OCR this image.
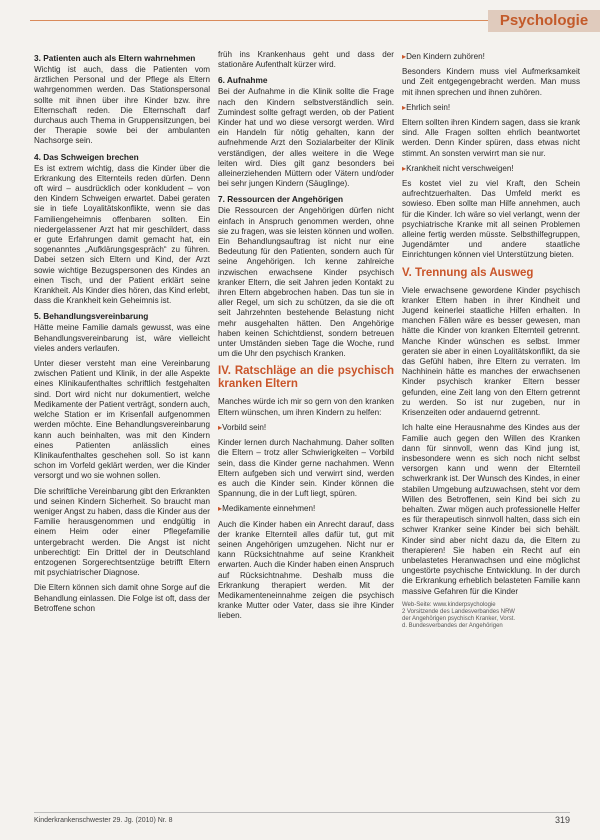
Psychologie
3. Patienten auch als Eltern wahrnehmen

Wichtig ist auch, dass die Patienten vom ärztlichen Personal und der Pflege als Eltern wahrgenommen werden. Das Stationspersonal sollte mit ihnen über ihre Kinder bzw. ihre Elternschaft reden. Die Elternschaft darf durchaus auch Thema in Gruppensitzungen, bei der Therapie sowie bei der ambulanten Nachsorge sein.

4. Das Schweigen brechen

Es ist extrem wichtig, dass die Kinder über die Erkrankung des Elternteils reden dürfen. Denn oft wird – ausdrücklich oder konkludent – von den Kindern Schweigen erwartet. Dabei geraten sie in tiefe Loyalitätskonflikte, wenn sie das Familiengeheimnis offenbaren sollten. Ein niedergelassener Arzt hat mir geschildert, dass er gute Erfahrungen damit gemacht hat, ein sogenanntes „Aufklärungsgespräch“ zu führen. Dabei setzen sich Eltern und Kind, der Arzt sowie wichtige Bezugspersonen des Kindes an einen Tisch, und der Patient erklärt seine Krankheit. Als Kinder dies hören, das Kind erlebt, dass die Krankheit kein Geheimnis ist.

5. Behandlungsvereinbarung

Hätte meine Familie damals gewusst, was eine Behandlungsvereinbarung ist, wäre vielleicht vieles anders verlaufen.

Unter dieser versteht man eine Vereinbarung zwischen Patient und Klinik, in der alle Aspekte eines Klinikaufenthaltes schriftlich festgehalten sind. Dort wird nicht nur dokumentiert, welche Medikamente der Patient verträgt, sondern auch, welche Station er im Krisenfall aufgenommen werden möchte. Eine Behandlungsvereinbarung kann auch beinhalten, was mit den Kindern eines Patienten anlässlich eines Klinikaufenthaltes geschehen soll. So ist kann schon im Vorfeld geklärt werden, wer die Kinder versorgt und wo sie wohnen sollen.

Die schriftliche Vereinbarung gibt den Erkrankten und seinen Kindern Sicherheit. So braucht man weniger Angst zu haben, dass die Kinder aus der Familie herausgenommen und endgültig in einem Heim oder einer Pflegefamilie untergebracht werden. Die Angst ist nicht unberechtigt: Ein Drittel der in Deutschland entzogenen Sorgerechtsentzüge betrifft Eltern mit psychiatrischer Diagnose.

Die Eltern können sich damit ohne Sorge auf die Behandlung einlassen. Die Folge ist oft, dass der Betroffene schon

früh ins Krankenhaus geht und dass der stationäre Aufenthalt kürzer wird.

6. Aufnahme

Bei der Aufnahme in die Klinik sollte die Frage nach den Kindern selbstverständlich sein. Zumindest sollte gefragt werden, ob der Patient Kinder hat und wo diese versorgt werden. Wird ein Handeln für nötig gehalten, kann der aufnehmende Arzt den Sozialarbeiter der Klinik verständigen, der alles weitere in die Wege leiten wird. Dies gilt ganz besonders bei alleinerziehenden Müttern oder Vätern und/oder bei sehr jungen Kindern (Säuglinge).

7. Ressourcen der Angehörigen

Die Ressourcen der Angehörigen dürfen nicht einfach in Anspruch genommen werden, ohne sie zu fragen, was sie leisten können und wollen. Ein Behandlungsauftrag ist nicht nur eine Bedeutung für den Patienten, sondern auch für seine Angehörigen. Ich kenne zahlreiche inzwischen erwachsene Kinder psychisch kranker Eltern, die seit Jahren jeden Kontakt zu ihren Eltern abgebrochen haben. Das tun sie in aller Regel, um sich zu schützen, da sie die oft seit Jahrzehnten bestehende Belastung nicht mehr ausgehalten hätten. Den Angehörige haben keinen Schichtdienst, sondern betreuen unter Umständen sieben Tage die Woche, rund um die Uhr den psychisch Kranken.

IV. Ratschläge an die psychisch kranken Eltern

Manches würde ich mir so gern von den kranken Eltern wünschen, um ihren Kindern zu helfen:

▸ Vorbild sein!

Kinder lernen durch Nachahmung. Daher sollten die Eltern – trotz aller Schwierigkeiten – Vorbild sein, dass die Kinder gerne nachahmen. Wenn Eltern aufgeben sich und verwirrt sind, werden es auch die Kinder sein. Kinder können die Spannung, die in der Luft liegt, spüren.

▸ Medikamente einnehmen!

Auch die Kinder haben ein Anrecht darauf, dass der kranke Elternteil alles dafür tut, gut mit seinen Angehörigen umzugehen. Nicht nur er kann Rücksichtnahme auf seine Krankheit erwarten. Auch die Kinder haben einen Anspruch auf Rücksichtnahme. Deshalb muss die Erkrankung therapiert werden. Mit der Medikamenteneinnahme zeigen die psychisch kranke Mutter oder Vater, dass sie ihre Kinder lieben.

▸ Den Kindern zuhören!

Besonders Kindern muss viel Aufmerksamkeit und Zeit entgegengebracht werden. Man muss mit ihnen sprechen und ihnen zuhören.

▸ Ehrlich sein!

Eltern sollten ihren Kindern sagen, dass sie krank sind. Alle Fragen sollten ehrlich beantwortet werden. Denn Kinder spüren, dass etwas nicht stimmt. An sonsten verwirrt man sie nur.

▸ Krankheit nicht verschweigen!

Es kostet viel zu viel Kraft, den Schein aufrechtzuerhalten. Das Umfeld merkt es sowieso. Eben sollte man Hilfe annehmen, auch für die Kinder. Ich wäre so viel verlangt, wenn der psychiatrische Kranke mit all seinen Problemen alleine fertig werden müsste. Selbsthilfegruppen, Jugendämter und andere staatliche Einrichtungen können viel Unterstützung bieten.

V. Trennung als Ausweg

Viele erwachsene gewordene Kinder psychisch kranker Eltern haben in ihrer Kindheit und Jugend keinerlei staatliche Hilfen erhalten. In manchen Fällen wäre es besser gewesen, man hätte die Kinder von kranken Elternteil getrennt. Manche Kinder wünschen es selbst. Immer geraten sie aber in einen Loyalitätskonflikt, da sie das Gefühl haben, ihre Eltern zu verraten. Im Nachhinein hätte es manches der erwachsenen Kinder psychisch kranker Eltern besser gefunden, eine Zeit lang von den Eltern getrennt zu werden. So ist nur zugeben, nur in Krisenzeiten oder andauernd getrennt.

Ich halte eine Herausnahme des Kindes aus der Familie auch gegen den Willen des Kranken dann für sinnvoll, wenn das Kind jung ist, insbesondere wenn es sich noch nicht selbst versorgen kann und wenn der Elternteil schwerkrank ist. Der Wunsch des Kindes, in einer stabilen Umgebung aufzuwachsen, steht vor dem Willen des Betroffenen, sein Kind bei sich zu behalten. Zwar mögen auch professionelle Helfer es für therapeutisch sinnvoll halten, dass sich ein schwer Kranker seine Kinder bei sich behält. Kinder sind aber nicht dazu da, die Eltern zu therapieren! Sie haben ein Recht auf ein unbelastetes Heranwachsen und eine möglichst ungestörte psychische Entwicklung. In der durch die Erkrankung erheblich belasteten Familie kann massive Gefahren für die Kinder

Web-Seite: www.kinderpsychologie
2 Vorsitzende des Landesverbandes NRW
der Angehörigen psychisch Kranker, Vorst.
d. Bundesverbandes der Angehörigen
Kinderkrankenschwester 29. Jg. (2010) Nr. 8	319
